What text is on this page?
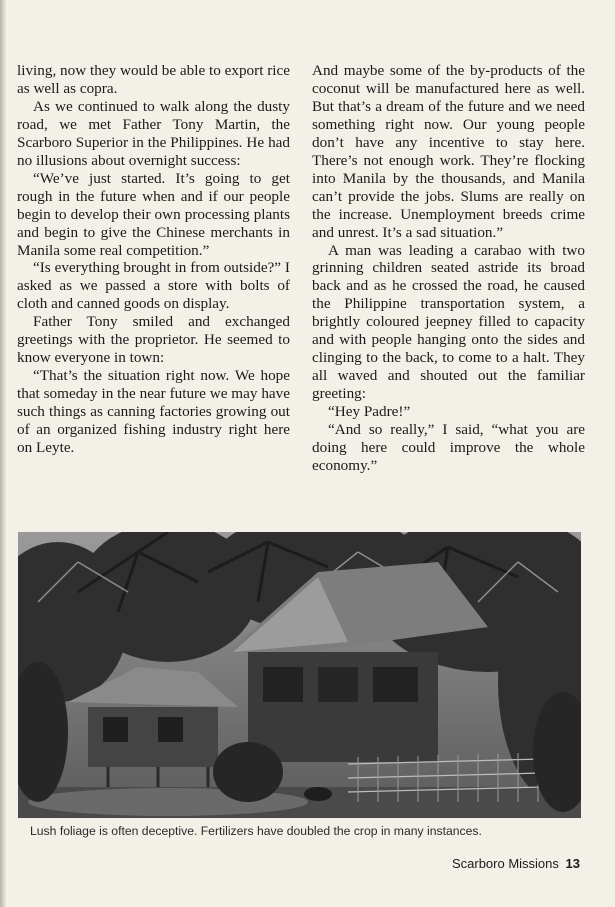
living, now they would be able to export rice as well as copra.

As we continued to walk along the dusty road, we met Father Tony Martin, the Scarboro Superior in the Philippines. He had no illusions about overnight success:

“We’ve just started. It’s going to get rough in the future when and if our people begin to develop their own processing plants and begin to give the Chinese merchants in Manila some real competition.”

“Is everything brought in from outside?” I asked as we passed a store with bolts of cloth and canned goods on display.

Father Tony smiled and exchanged greetings with the proprietor. He seemed to know everyone in town:

“That’s the situation right now. We hope that someday in the near future we may have such things as canning factories growing out of an organized fishing industry right here on Leyte.

And maybe some of the by-products of the coconut will be manufactured here as well. But that’s a dream of the future and we need something right now. Our young people don’t have any incentive to stay here. There’s not enough work. They’re flocking into Manila by the thousands, and Manila can’t provide the jobs. Slums are really on the increase. Unemployment breeds crime and unrest. It’s a sad situation.”

A man was leading a carabao with two grinning children seated astride its broad back and as he crossed the road, he caused the Philippine transportation system, a brightly coloured jeepney filled to capacity and with people hanging onto the sides and clinging to the back, to come to a halt. They all waved and shouted out the familiar greeting:

“Hey Padre!”

“And so really,” I said, “what you are doing here could improve the whole economy.”

Lush foliage is often deceptive. Fertilizers have doubled the crop in many instances.
Scarboro Missions 13
